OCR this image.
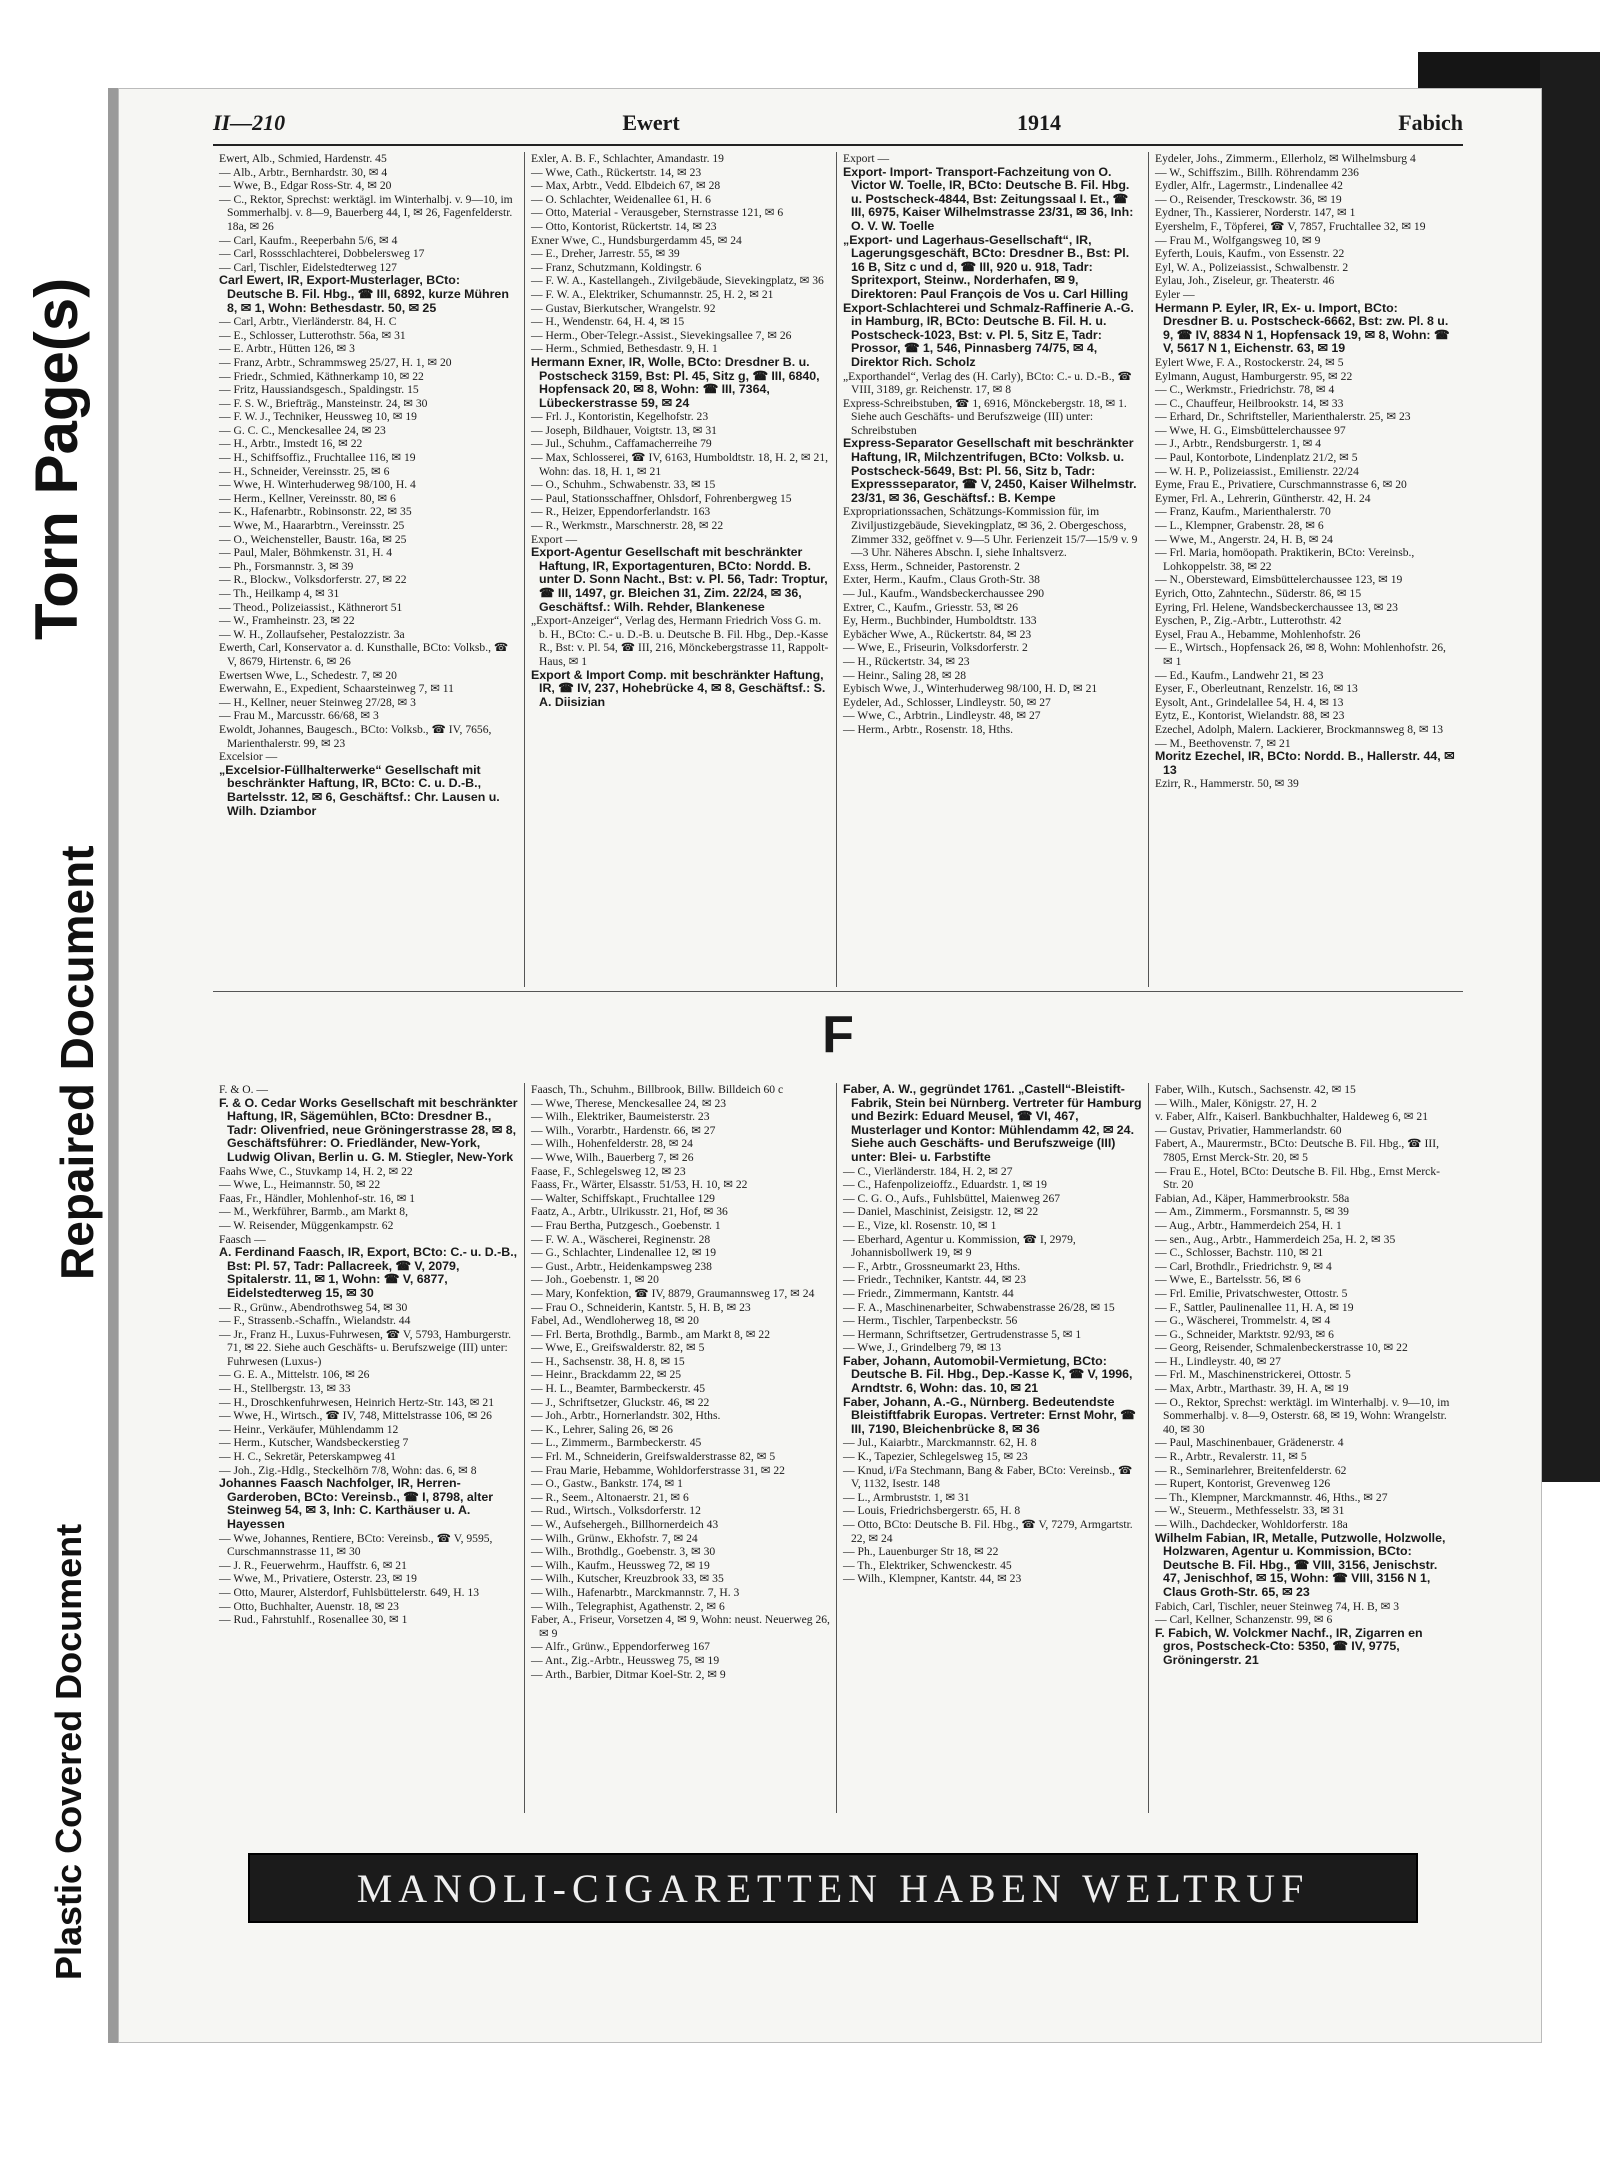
Torn Page(s)
Repaired Document
Plastic Covered Document
II—210	Ewert	1914	Fabich

Ewert, Alb., Schmied, Hardenstr. 45

— Alb., Arbtr., Bernhardstr. 30, ✉ 4

— Wwe, B., Edgar Ross-Str. 4, ✉ 20

— C., Rektor, Sprechst: werktägl. im Winterhalbj. v. 9—10, im Sommerhalbj. v. 8—9, Bauerberg 44, I, ✉ 26, Fagenfelderstr. 18a, ✉ 26

— Carl, Kaufm., Reeperbahn 5/6, ✉ 4

— Carl, Rossschlachterei, Dobbelersweg 17

— Carl, Tischler, Eidelstedterweg 127

Carl Ewert, IR, Export-Musterlager, BCto: Deutsche B. Fil. Hbg., ☎ III, 6892, kurze Mühren 8, ✉ 1, Wohn: Bethesdastr. 50, ✉ 25

— Carl, Arbtr., Vierländerstr. 84, H. C

— E., Schlosser, Lutterothstr. 56a, ✉ 31

— E. Arbtr., Hütten 126, ✉ 3

— Franz, Arbtr., Schrammsweg 25/27, H. 1, ✉ 20

— Friedr., Schmied, Käthnerkamp 10, ✉ 22

— Fritz, Haussiandsgesch., Spaldingstr. 15

— F. S. W., Briefträg., Mansteinstr. 24, ✉ 30

— F. W. J., Techniker, Heussweg 10, ✉ 19

— G. C. C., Menckesallee 24, ✉ 23

— H., Arbtr., Imstedt 16, ✉ 22

— H., Schiffsoffiz., Fruchtallee 116, ✉ 19

— H., Schneider, Vereinsstr. 25, ✉ 6

— Wwe, H. Winterhuderweg 98/100, H. 4

— Herm., Kellner, Vereinsstr. 80, ✉ 6

— K., Hafenarbtr., Robinsonstr. 22, ✉ 35

— Wwe, M., Haararbtrn., Vereinsstr. 25

— O., Weichensteller, Baustr. 16a, ✉ 25

— Paul, Maler, Böhmkenstr. 31, H. 4

— Ph., Forsmannstr. 3, ✉ 39

— R., Blockw., Volksdorferstr. 27, ✉ 22

— Th., Heilkamp 4, ✉ 31

— Theod., Polizeiassist., Käthnerort 51

— W., Framheinstr. 23, ✉ 22

— W. H., Zollaufseher, Pestalozzistr. 3a

Ewerth, Carl, Konservator a. d. Kunsthalle, BCto: Volksb., ☎ V, 8679, Hirtenstr. 6, ✉ 26

Ewertsen Wwe, L., Schedestr. 7, ✉ 20

Ewerwahn, E., Expedient, Schaarsteinweg 7, ✉ 11

— H., Kellner, neuer Steinweg 27/28, ✉ 3

— Frau M., Marcusstr. 66/68, ✉ 3

Ewoldt, Johannes, Baugesch., BCto: Volksb., ☎ IV, 7656, Marienthalerstr. 99, ✉ 23

Excelsior —

„Excelsior-Füllhalterwerke“ Gesellschaft mit beschränkter Haftung, IR, BCto: C. u. D.-B., Bartelsstr. 12, ✉ 6, Geschäftsf.: Chr. Lausen u. Wilh. Dziambor

Exler, A. B. F., Schlachter, Amandastr. 19

— Wwe, Cath., Rückertstr. 14, ✉ 23

— Max, Arbtr., Vedd. Elbdeich 67, ✉ 28

— O. Schlachter, Weidenallee 61, H. 6

— Otto, Material - Verausgeber, Sternstrasse 121, ✉ 6

— Otto, Kontorist, Rückertstr. 14, ✉ 23

Exner Wwe, C., Hundsburgerdamm 45, ✉ 24

— E., Dreher, Jarrestr. 55, ✉ 39

— Franz, Schutzmann, Koldingstr. 6

— F. W. A., Kastellangeh., Zivilgebäude, Sievekingplatz, ✉ 36

— F. W. A., Elektriker, Schumannstr. 25, H. 2, ✉ 21

— Gustav, Bierkutscher, Wrangelstr. 92

— H., Wendenstr. 64, H. 4, ✉ 15

— Herm., Ober-Telegr.-Assist., Sievekingsallee 7, ✉ 26

— Herm., Schmied, Bethesdastr. 9, H. 1

Hermann Exner, IR, Wolle, BCto: Dresdner B. u. Postscheck 3159, Bst: Pl. 45, Sitz g, ☎ III, 6840, Hopfensack 20, ✉ 8, Wohn: ☎ III, 7364, Lübeckerstrasse 59, ✉ 24

— Frl. J., Kontoristin, Kegelhofstr. 23

— Joseph, Bildhauer, Voigtstr. 13, ✉ 31

— Jul., Schuhm., Caffamacherreihe 79

— Max, Schlosserei, ☎ IV, 6163, Humboldtstr. 18, H. 2, ✉ 21, Wohn: das. 18, H. 1, ✉ 21

— O., Schuhm., Schwabenstr. 33, ✉ 15

— Paul, Stationsschaffner, Ohlsdorf, Fohrenbergweg 15

— R., Heizer, Eppendorferlandstr. 163

— R., Werkmstr., Marschnerstr. 28, ✉ 22

Export —

Export-Agentur Gesellschaft mit beschränkter Haftung, IR, Exportagenturen, BCto: Nordd. B. unter D. Sonn Nacht., Bst: v. Pl. 56, Tadr: Troptur, ☎ III, 1497, gr. Bleichen 31, Zim. 22/24, ✉ 36, Geschäftsf.: Wilh. Rehder, Blankenese

„Export-Anzeiger“, Verlag des, Hermann Friedrich Voss G. m. b. H., BCto: C.- u. D.-B. u. Deutsche B. Fil. Hbg., Dep.-Kasse R., Bst: v. Pl. 54, ☎ III, 216, Mönckebergstrasse 11, Rappolt-Haus, ✉ 1

Export & Import Comp. mit beschränkter Haftung, IR, ☎ IV, 237, Hohebrücke 4, ✉ 8, Geschäftsf.: S. A. Diisizian

Export —

Export- Import- Transport-Fachzeitung von O. Victor W. Toelle, IR, BCto: Deutsche B. Fil. Hbg. u. Postscheck-4844, Bst: Zeitungssaal I. Et., ☎ III, 6975, Kaiser Wilhelmstrasse 23/31, ✉ 36, Inh: O. V. W. Toelle

„Export- und Lagerhaus-Gesellschaft“, IR, Lagerungsgeschäft, BCto: Dresdner B., Bst: Pl. 16 B, Sitz c und d, ☎ III, 920 u. 918, Tadr: Spritexport, Steinw., Norderhafen, ✉ 9, Direktoren: Paul François de Vos u. Carl Hilling

Export-Schlachterei und Schmalz-Raffinerie A.-G. in Hamburg, IR, BCto: Deutsche B. Fil. H. u. Postscheck-1023, Bst: v. Pl. 5, Sitz E, Tadr: Prossor, ☎ 1, 546, Pinnasberg 74/75, ✉ 4, Direktor Rich. Scholz

„Exporthandel“, Verlag des (H. Carly), BCto: C.- u. D.-B., ☎ VIII, 3189, gr. Reichenstr. 17, ✉ 8

Express-Schreibstuben, ☎ 1, 6916, Mönckebergstr. 18, ✉ 1. Siehe auch Geschäfts- und Berufszweige (III) unter: Schreibstuben

Express-Separator Gesellschaft mit beschränkter Haftung, IR, Milchzentrifugen, BCto: Volksb. u. Postscheck-5649, Bst: Pl. 56, Sitz b, Tadr: Expressseparator, ☎ V, 2450, Kaiser Wilhelmstr. 23/31, ✉ 36, Geschäftsf.: B. Kempe

Expropriationssachen, Schätzungs-Kommission für, im Ziviljustizgebäude, Sievekingplatz, ✉ 36, 2. Obergeschoss, Zimmer 332, geöffnet v. 9—5 Uhr. Ferienzeit 15/7—15/9 v. 9—3 Uhr. Näheres Abschn. I, siehe Inhaltsverz.

Exss, Herm., Schneider, Pastorenstr. 2

Exter, Herm., Kaufm., Claus Groth-Str. 38

— Jul., Kaufm., Wandsbeckerchaussee 290

Extrer, C., Kaufm., Griesstr. 53, ✉ 26

Ey, Herm., Buchbinder, Humboldtstr. 133

Eybächer Wwe, A., Rückertstr. 84, ✉ 23

— Wwe, E., Friseurin, Volksdorferstr. 2

— H., Rückertstr. 34, ✉ 23

— Heinr., Saling 28, ✉ 28

Eybisch Wwe, J., Winterhuderweg 98/100, H. D, ✉ 21

Eydeler, Ad., Schlosser, Lindleystr. 50, ✉ 27

— Wwe, C., Arbtrin., Lindleystr. 48, ✉ 27

— Herm., Arbtr., Rosenstr. 18, Hths.

Eydeler, Johs., Zimmerm., Ellerholz, ✉ Wilhelmsburg 4

— W., Schiffszim., Billh. Röhrendamm 236

Eydler, Alfr., Lagermstr., Lindenallee 42

— O., Reisender, Tresckowstr. 36, ✉ 19

Eydner, Th., Kassierer, Norderstr. 147, ✉ 1

Eyershelm, F., Töpferei, ☎ V, 7857, Fruchtallee 32, ✉ 19

— Frau M., Wolfgangsweg 10, ✉ 9

Eyferth, Louis, Kaufm., von Essenstr. 22

Eyl, W. A., Polizeiassist., Schwalbenstr. 2

Eylau, Joh., Ziseleur, gr. Theaterstr. 46

Eyler —

Hermann P. Eyler, IR, Ex- u. Import, BCto: Dresdner B. u. Postscheck-6662, Bst: zw. Pl. 8 u. 9, ☎ IV, 8834 N 1, Hopfensack 19, ✉ 8, Wohn: ☎ V, 5617 N 1, Eichenstr. 63, ✉ 19

Eylert Wwe, F. A., Rostockerstr. 24, ✉ 5

Eylmann, August, Hamburgerstr. 95, ✉ 22

— C., Werkmstr., Friedrichstr. 78, ✉ 4

— C., Chauffeur, Heilbrookstr. 14, ✉ 33

— Erhard, Dr., Schriftsteller, Marienthalerstr. 25, ✉ 23

— Wwe, H. G., Eimsbüttelerchaussee 97

— J., Arbtr., Rendsburgerstr. 1, ✉ 4

— Paul, Kontorbote, Lindenplatz 21/2, ✉ 5

— W. H. P., Polizeiassist., Emilienstr. 22/24

Eyme, Frau E., Privatiere, Curschmannstrasse 6, ✉ 20

Eymer, Frl. A., Lehrerin, Güntherstr. 42, H. 24

— Franz, Kaufm., Marienthalerstr. 70

— L., Klempner, Grabenstr. 28, ✉ 6

— Wwe, M., Angerstr. 24, H. B, ✉ 24

— Frl. Maria, homöopath. Praktikerin, BCto: Vereinsb., Lohkoppelstr. 38, ✉ 22

— N., Obersteward, Eimsbüttelerchaussee 123, ✉ 19

Eyrich, Otto, Zahntechn., Süderstr. 86, ✉ 15

Eyring, Frl. Helene, Wandsbeckerchaussee 13, ✉ 23

Eyschen, P., Zig.-Arbtr., Lutterothstr. 42

Eysel, Frau A., Hebamme, Mohlenhofstr. 26

— E., Wirtsch., Hopfensack 26, ✉ 8, Wohn: Mohlenhofstr. 26, ✉ 1

— Ed., Kaufm., Landwehr 21, ✉ 23

Eyser, F., Oberleutnant, Renzelstr. 16, ✉ 13

Eysolt, Ant., Grindelallee 54, H. 4, ✉ 13

Eytz, E., Kontorist, Wielandstr. 88, ✉ 23

Ezechel, Adolph, Malern. Lackierer, Brockmannsweg 8, ✉ 13

— M., Beethovenstr. 7, ✉ 21

Moritz Ezechel, IR, BCto: Nordd. B., Hallerstr. 44, ✉ 13

Ezirr, R., Hammerstr. 50, ✉ 39

F

F. & O. —

F. & O. Cedar Works Gesellschaft mit beschränkter Haftung, IR, Sägemühlen, BCto: Dresdner B., Tadr: Olivenfried, neue Gröningerstrasse 28, ✉ 8, Geschäftsführer: O. Friedländer, New-York, Ludwig Olivan, Berlin u. G. M. Stiegler, New-York

Faahs Wwe, C., Stuvkamp 14, H. 2, ✉ 22

— Wwe, L., Heimannstr. 50, ✉ 22

Faas, Fr., Händler, Mohlenhof-str. 16, ✉ 1

— M., Werkführer, Barmb., am Markt 8,

— W. Reisender, Müggenkampstr. 62

Faasch —

A. Ferdinand Faasch, IR, Export, BCto: C.- u. D.-B., Bst: Pl. 57, Tadr: Pallacreek, ☎ V, 2079, Spitalerstr. 11, ✉ 1, Wohn: ☎ V, 6877, Eidelstedterweg 15, ✉ 30

— R., Grünw., Abendrothsweg 54, ✉ 30

— F., Strassenb.-Schaffn., Wielandstr. 44

— Jr., Franz H., Luxus-Fuhrwesen, ☎ V, 5793, Hamburgerstr. 71, ✉ 22. Siehe auch Geschäfts- u. Berufszweige (III) unter: Fuhrwesen (Luxus-)

— G. E. A., Mittelstr. 106, ✉ 26

— H., Stellbergstr. 13, ✉ 33

— H., Droschkenfuhrwesen, Heinrich Hertz-Str. 143, ✉ 21

— Wwe, H., Wirtsch., ☎ IV, 748, Mittelstrasse 106, ✉ 26

— Heinr., Verkäufer, Mühlendamm 12

— Herm., Kutscher, Wandsbeckerstieg 7

— H. C., Sekretär, Peterskampweg 41

— Joh., Zig.-Hdlg., Steckelhörn 7/8, Wohn: das. 6, ✉ 8

Johannes Faasch Nachfolger, IR, Herren-Garderoben, BCto: Vereinsb., ☎ I, 8798, alter Steinweg 54, ✉ 3, Inh: C. Karthäuser u. A. Hayessen

— Wwe, Johannes, Rentiere, BCto: Vereinsb., ☎ V, 9595, Curschmannstrasse 11, ✉ 30

— J. R., Feuerwehrm., Hauffstr. 6, ✉ 21

— Wwe, M., Privatiere, Osterstr. 23, ✉ 19

— Otto, Maurer, Alsterdorf, Fuhlsbüttelerstr. 649, H. 13

— Otto, Buchhalter, Auenstr. 18, ✉ 23

— Rud., Fahrstuhlf., Rosenallee 30, ✉ 1

Faasch, Th., Schuhm., Billbrook, Billw. Billdeich 60 c

— Wwe, Therese, Menckesallee 24, ✉ 23

— Wilh., Elektriker, Baumeisterstr. 23

— Wilh., Vorarbtr., Hardenstr. 66, ✉ 27

— Wilh., Hohenfelderstr. 28, ✉ 24

— Wwe, Wilh., Bauerberg 7, ✉ 26

Faase, F., Schlegelsweg 12, ✉ 23

Faass, Fr., Wärter, Elsasstr. 51/53, H. 10, ✉ 22

— Walter, Schiffskapt., Fruchtallee 129

Faatz, A., Arbtr., Ulrikusstr. 21, Hof, ✉ 36

— Frau Bertha, Putzgesch., Goebenstr. 1

— F. W. A., Wäscherei, Reginenstr. 28

— G., Schlachter, Lindenallee 12, ✉ 19

— Gust., Arbtr., Heidenkampsweg 238

— Joh., Goebenstr. 1, ✉ 20

— Mary, Konfektion, ☎ IV, 8879, Graumannsweg 17, ✉ 24

— Frau O., Schneiderin, Kantstr. 5, H. B, ✉ 23

Fabel, Ad., Wendloherweg 18, ✉ 20

— Frl. Berta, Brothdlg., Barmb., am Markt 8, ✉ 22

— Wwe, E., Greifswalderstr. 82, ✉ 5

— H., Sachsenstr. 38, H. 8, ✉ 15

— Heinr., Brackdamm 22, ✉ 25

— H. L., Beamter, Barmbeckerstr. 45

— J., Schriftsetzer, Gluckstr. 46, ✉ 22

— Joh., Arbtr., Hornerlandstr. 302, Hths.

— K., Lehrer, Saling 26, ✉ 26

— L., Zimmerm., Barmbeckerstr. 45

— Frl. M., Schneiderin, Greifswalderstrasse 82, ✉ 5

— Frau Marie, Hebamme, Wohldorferstrasse 31, ✉ 22

— O., Gastw., Bankstr. 174, ✉ 1

— R., Seem., Altonaerstr. 21, ✉ 6

— Rud., Wirtsch., Volksdorferstr. 12

— W., Aufsehergeh., Billhornerdeich 43

— Wilh., Grünw., Ekhofstr. 7, ✉ 24

— Wilh., Brothdlg., Goebenstr. 3, ✉ 30

— Wilh., Kaufm., Heussweg 72, ✉ 19

— Wilh., Kutscher, Kreuzbrook 33, ✉ 35

— Wilh., Hafenarbtr., Marckmannstr. 7, H. 3

— Wilh., Telegraphist, Agathenstr. 2, ✉ 6

Faber, A., Friseur, Vorsetzen 4, ✉ 9, Wohn: neust. Neuerweg 26, ✉ 9

— Alfr., Grünw., Eppendorferweg 167

— Ant., Zig.-Arbtr., Heussweg 75, ✉ 19

— Arth., Barbier, Ditmar Koel-Str. 2, ✉ 9

Faber, A. W., gegründet 1761. „Castell“-Bleistift-Fabrik, Stein bei Nürnberg. Vertreter für Hamburg und Bezirk: Eduard Meusel, ☎ VI, 467, Musterlager und Kontor: Mühlendamm 42, ✉ 24. Siehe auch Geschäfts- und Berufszweige (III) unter: Blei- u. Farbstifte

— C., Vierländerstr. 184, H. 2, ✉ 27

— C., Hafenpolizeioffz., Eduardstr. 1, ✉ 19

— C. G. O., Aufs., Fuhlsbüttel, Maienweg 267

— Daniel, Maschinist, Zeisigstr. 12, ✉ 22

— E., Vize, kl. Rosenstr. 10, ✉ 1

— Eberhard, Agentur u. Kommission, ☎ I, 2979, Johannisbollwerk 19, ✉ 9

— F., Arbtr., Grossneumarkt 23, Hths.

— Friedr., Techniker, Kantstr. 44, ✉ 23

— Friedr., Zimmermann, Kantstr. 44

— F. A., Maschinenarbeiter, Schwabenstrasse 26/28, ✉ 15

— Herm., Tischler, Tarpenbeckstr. 56

— Hermann, Schriftsetzer, Gertrudenstrasse 5, ✉ 1

— Wwe, J., Grindelberg 79, ✉ 13

Faber, Johann, Automobil-Vermietung, BCto: Deutsche B. Fil. Hbg., Dep.-Kasse K, ☎ V, 1996, Arndtstr. 6, Wohn: das. 10, ✉ 21

Faber, Johann, A.-G., Nürnberg. Bedeutendste Bleistiftfabrik Europas. Vertreter: Ernst Mohr, ☎ III, 7190, Bleichenbrücke 8, ✉ 36

— Jul., Kaiarbtr., Marckmannstr. 62, H. 8

— K., Tapezier, Schlegelsweg 15, ✉ 23

— Knud, i/Fa Stechmann, Bang & Faber, BCto: Vereinsb., ☎ V, 1132, Isestr. 148

— L., Armbruststr. 1, ✉ 31

— Louis, Friedrichsbergerstr. 65, H. 8

— Otto, BCto: Deutsche B. Fil. Hbg., ☎ V, 7279, Armgartstr. 22, ✉ 24

— Ph., Lauenburger Str 18, ✉ 22

— Th., Elektriker, Schwenckestr. 45

— Wilh., Klempner, Kantstr. 44, ✉ 23

Faber, Wilh., Kutsch., Sachsenstr. 42, ✉ 15

— Wilh., Maler, Königstr. 27, H. 2

v. Faber, Alfr., Kaiserl. Bankbuchhalter, Haldeweg 6, ✉ 21

— Gustav, Privatier, Hammerlandstr. 60

Fabert, A., Maurermstr., BCto: Deutsche B. Fil. Hbg., ☎ III, 7805, Ernst Merck-Str. 20, ✉ 5

— Frau E., Hotel, BCto: Deutsche B. Fil. Hbg., Ernst Merck-Str. 20

Fabian, Ad., Käper, Hammerbrookstr. 58a

— Am., Zimmerm., Forsmannstr. 5, ✉ 39

— Aug., Arbtr., Hammerdeich 254, H. 1

— sen., Aug., Arbtr., Hammerdeich 25a, H. 2, ✉ 35

— C., Schlosser, Bachstr. 110, ✉ 21

— Carl, Brothdlr., Friedrichstr. 9, ✉ 4

— Wwe, E., Bartelsstr. 56, ✉ 6

— Frl. Emilie, Privatschwester, Ottostr. 5

— F., Sattler, Paulinenallee 11, H. A, ✉ 19

— G., Wäscherei, Trommelstr. 4, ✉ 4

— G., Schneider, Marktstr. 92/93, ✉ 6

— Georg, Reisender, Schmalenbeckerstrasse 10, ✉ 22

— H., Lindleystr. 40, ✉ 27

— Frl. M., Maschinenstrickerei, Ottostr. 5

— Max, Arbtr., Marthastr. 39, H. A, ✉ 19

— O., Rektor, Sprechst: werktägl. im Winterhalbj. v. 9—10, im Sommerhalbj. v. 8—9, Osterstr. 68, ✉ 19, Wohn: Wrangelstr. 40, ✉ 30

— Paul, Maschinenbauer, Grädenerstr. 4

— R., Arbtr., Revalerstr. 11, ✉ 5

— R., Seminarlehrer, Breitenfelderstr. 62

— Rupert, Kontorist, Grevenweg 126

— Th., Klempner, Marckmannstr. 46, Hths., ✉ 27

— W., Steuerm., Methfesselstr. 33, ✉ 31

— Wilh., Dachdecker, Wohldorferstr. 18a

Wilhelm Fabian, IR, Metalle, Putzwolle, Holzwolle, Holzwaren, Agentur u. Kommission, BCto: Deutsche B. Fil. Hbg., ☎ VIII, 3156, Jenischstr. 47, Jenischhof, ✉ 15, Wohn: ☎ VIII, 3156 N 1, Claus Groth-Str. 65, ✉ 23

Fabich, Carl, Tischler, neuer Steinweg 74, H. B, ✉ 3

— Carl, Kellner, Schanzenstr. 99, ✉ 6

F. Fabich, W. Volckmer Nachf., IR, Zigarren en gros, Postscheck-Cto: 5350, ☎ IV, 9775, Gröningerstr. 21

MANOLI-CIGARETTEN HABEN WELTRUF
